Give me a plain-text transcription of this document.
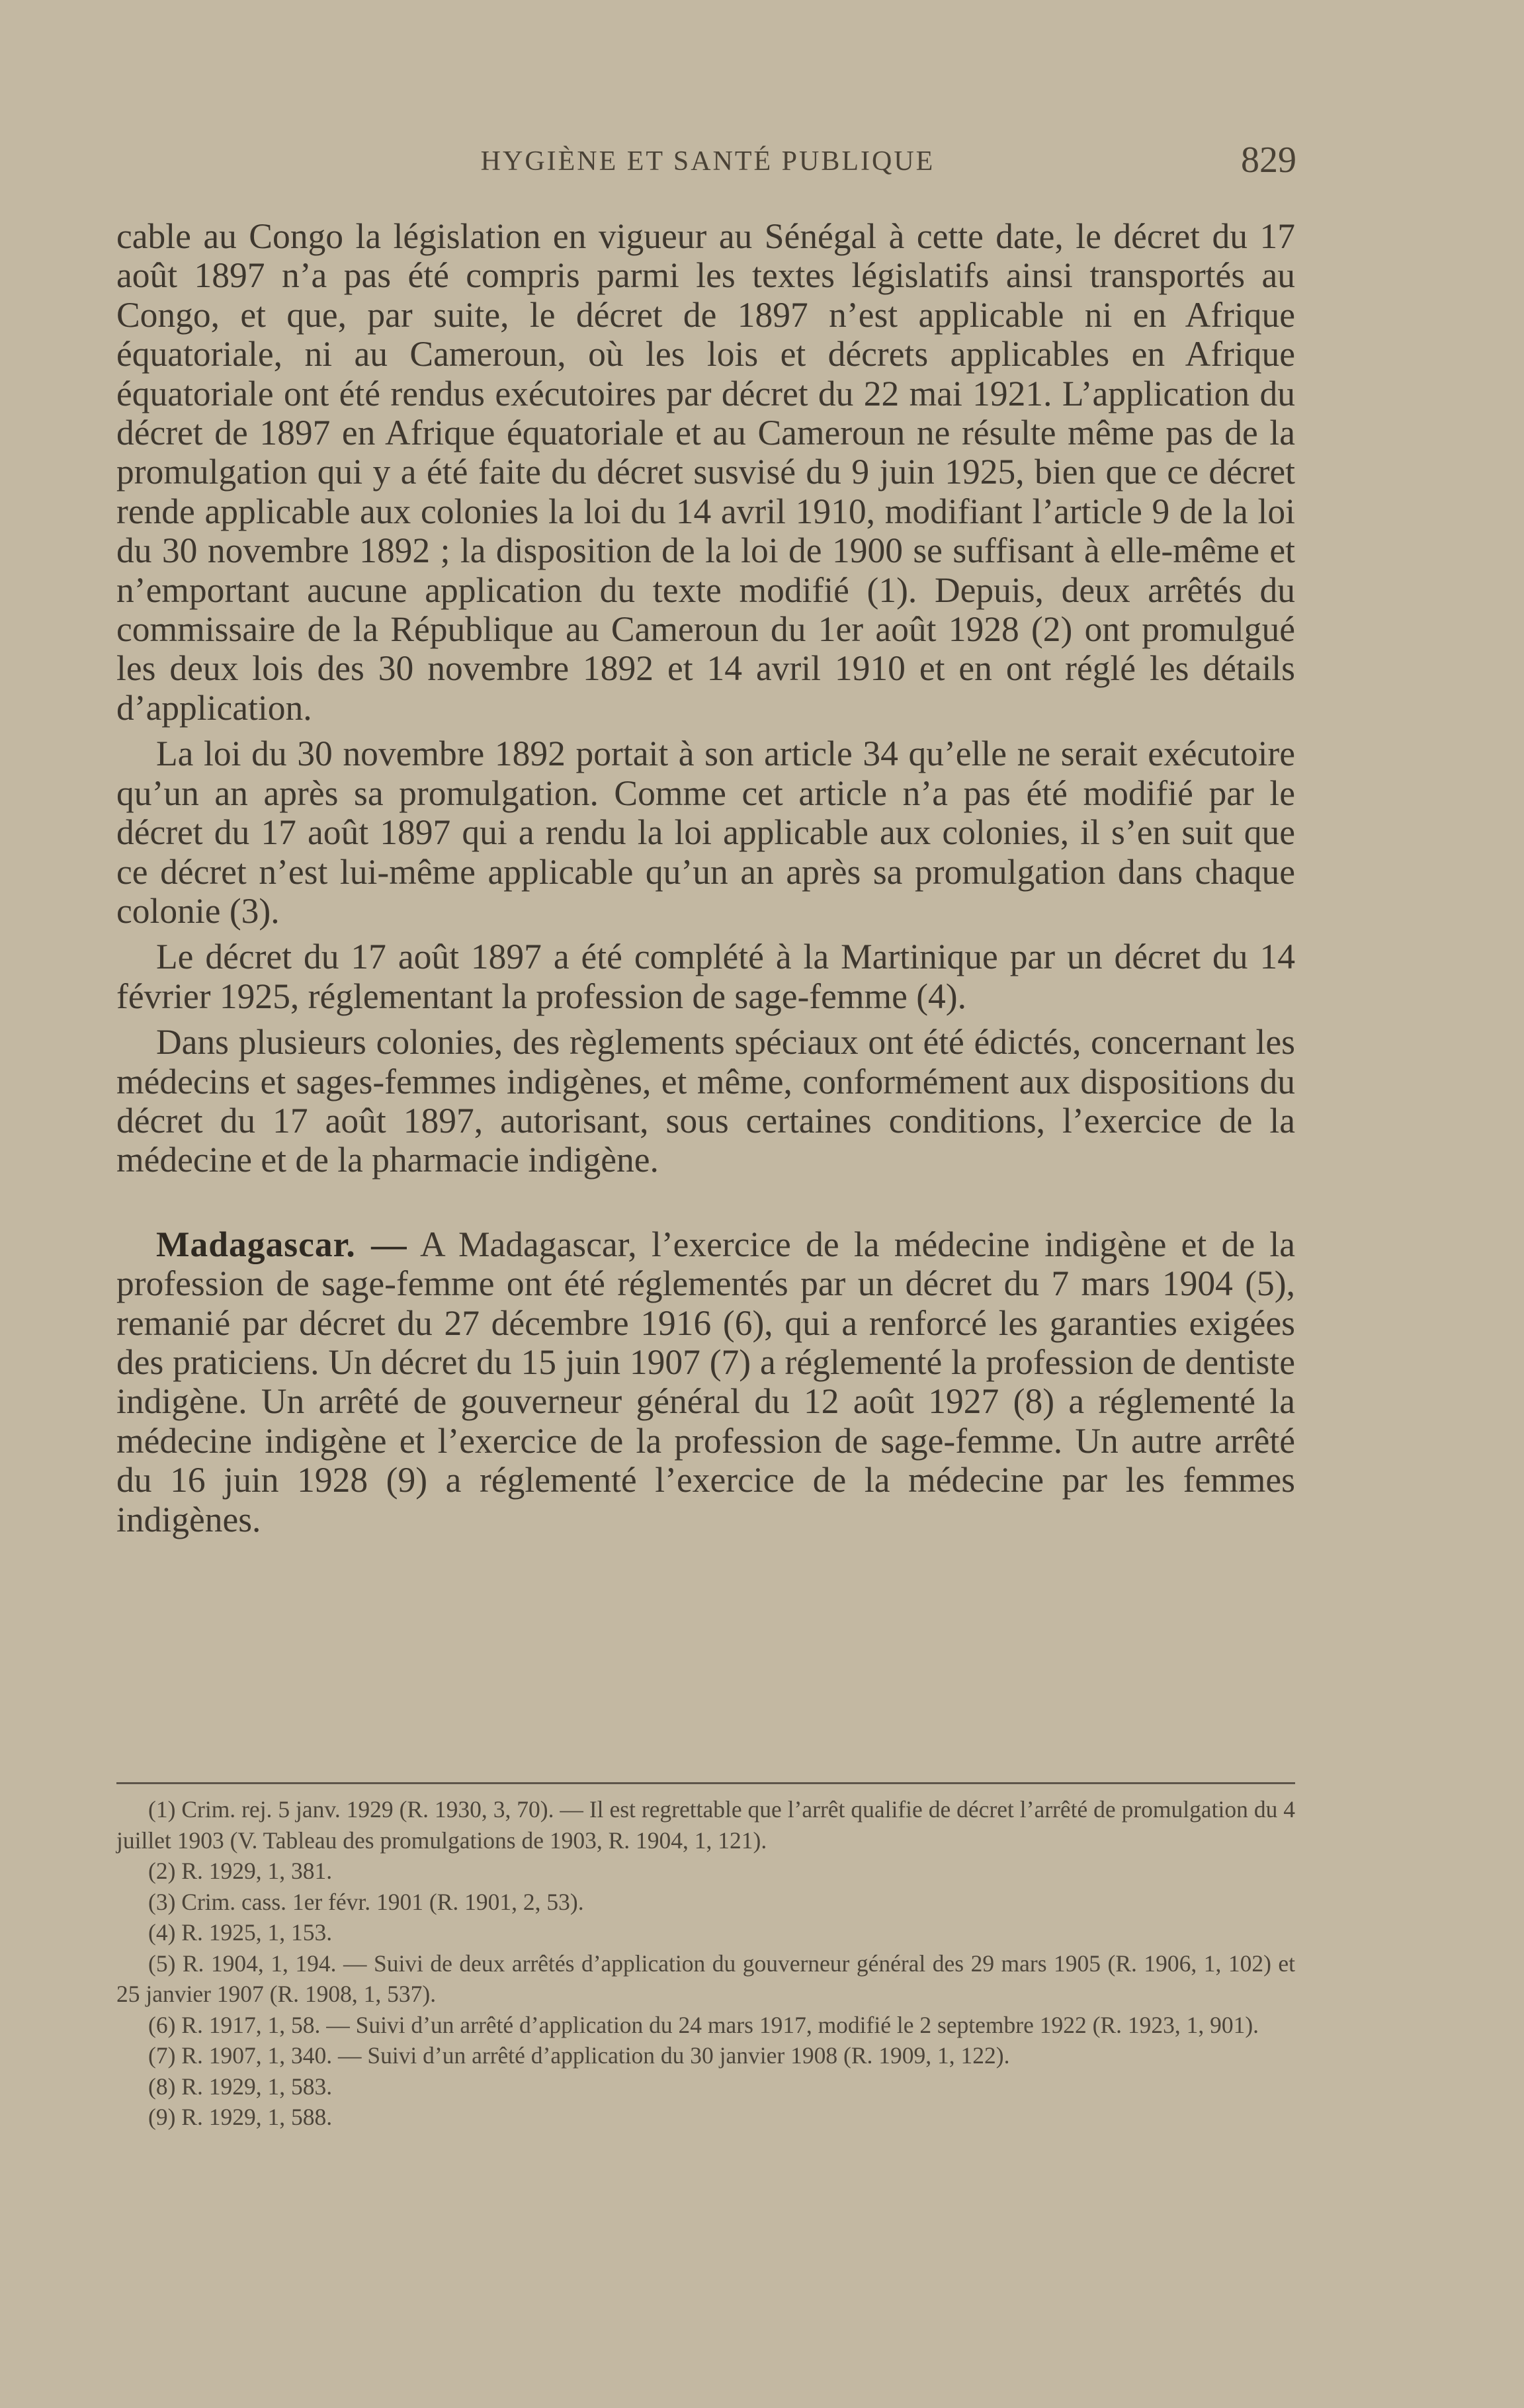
HYGIÈNE ET SANTÉ PUBLIQUE	829

cable au Congo la législation en vigueur au Sénégal à cette date, le décret du 17 août 1897 n’a pas été compris parmi les textes législatifs ainsi transportés au Congo, et que, par suite, le décret de 1897 n’est applicable ni en Afrique équatoriale, ni au Cameroun, où les lois et décrets applicables en Afrique équatoriale ont été rendus exécutoires par décret du 22 mai 1921. L’application du décret de 1897 en Afrique équatoriale et au Cameroun ne résulte même pas de la promulgation qui y a été faite du décret susvisé du 9 juin 1925, bien que ce décret rende applicable aux colonies la loi du 14 avril 1910, modifiant l’article 9 de la loi du 30 novembre 1892 ; la disposition de la loi de 1900 se suffisant à elle-même et n’emportant aucune application du texte modifié (1). Depuis, deux arrêtés du commissaire de la République au Cameroun du 1er août 1928 (2) ont promulgué les deux lois des 30 novembre 1892 et 14 avril 1910 et en ont réglé les détails d’application.

La loi du 30 novembre 1892 portait à son article 34 qu’elle ne serait exécutoire qu’un an après sa promulgation. Comme cet article n’a pas été modifié par le décret du 17 août 1897 qui a rendu la loi applicable aux colonies, il s’en suit que ce décret n’est lui-même applicable qu’un an après sa promulgation dans chaque colonie (3).

Le décret du 17 août 1897 a été complété à la Martinique par un décret du 14 février 1925, réglementant la profession de sage-femme (4).

Dans plusieurs colonies, des règlements spéciaux ont été édictés, concernant les médecins et sages-femmes indigènes, et même, conformément aux dispositions du décret du 17 août 1897, autorisant, sous certaines conditions, l’exercice de la médecine et de la pharmacie indigène.

Madagascar. — A Madagascar, l’exercice de la médecine indigène et de la profession de sage-femme ont été réglementés par un décret du 7 mars 1904 (5), remanié par décret du 27 décembre 1916 (6), qui a renforcé les garanties exigées des praticiens. Un décret du 15 juin 1907 (7) a réglementé la profession de dentiste indigène. Un arrêté de gouverneur général du 12 août 1927 (8) a réglementé la médecine indigène et l’exercice de la profession de sage-femme. Un autre arrêté du 16 juin 1928 (9) a réglementé l’exercice de la médecine par les femmes indigènes.

(1) Crim. rej. 5 janv. 1929 (R. 1930, 3, 70). — Il est regrettable que l’arrêt qualifie de décret l’arrêté de promulgation du 4 juillet 1903 (V. Tableau des promulgations de 1903, R. 1904, 1, 121).

(2) R. 1929, 1, 381.

(3) Crim. cass. 1er févr. 1901 (R. 1901, 2, 53).

(4) R. 1925, 1, 153.

(5) R. 1904, 1, 194. — Suivi de deux arrêtés d’application du gouverneur général des 29 mars 1905 (R. 1906, 1, 102) et 25 janvier 1907 (R. 1908, 1, 537).

(6) R. 1917, 1, 58. — Suivi d’un arrêté d’application du 24 mars 1917, modifié le 2 septembre 1922 (R. 1923, 1, 901).

(7) R. 1907, 1, 340. — Suivi d’un arrêté d’application du 30 janvier 1908 (R. 1909, 1, 122).

(8) R. 1929, 1, 583.

(9) R. 1929, 1, 588.
